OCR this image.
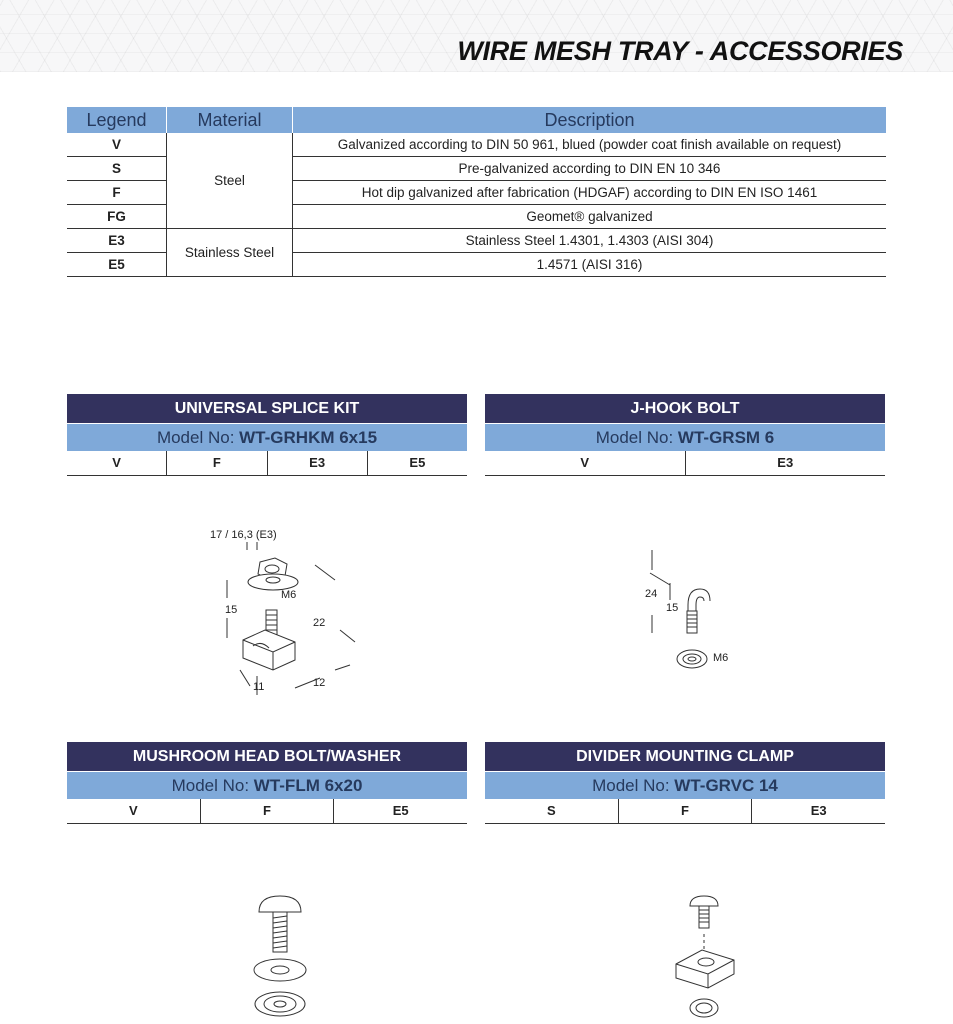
WIRE MESH TRAY - ACCESSORIES
Legend	Material	Description
V	Steel	Galvanized according to DIN 50 961, blued (powder coat finish available on request)
S		Pre-galvanized according to DIN EN 10 346
F		Hot dip galvanized after fabrication (HDGAF) according to DIN EN ISO 1461
FG		Geomet® galvanized
E3	Stainless Steel	Stainless Steel 1.4301, 1.4303 (AISI 304)
E5		1.4571 (AISI 316)
UNIVERSAL SPLICE KIT
Model No: WT-GRHKM 6x15
V	F	E3	E5
J-HOOK BOLT
Model No: WT-GRSM 6
V	E3
MUSHROOM HEAD BOLT/WASHER
Model No: WT-FLM 6x20
V	F	E5
DIVIDER MOUNTING CLAMP
Model No: WT-GRVC 14
S	F	E3
17 / 16,3 (E3)
M6
15
22
11	12
24
15
M6
